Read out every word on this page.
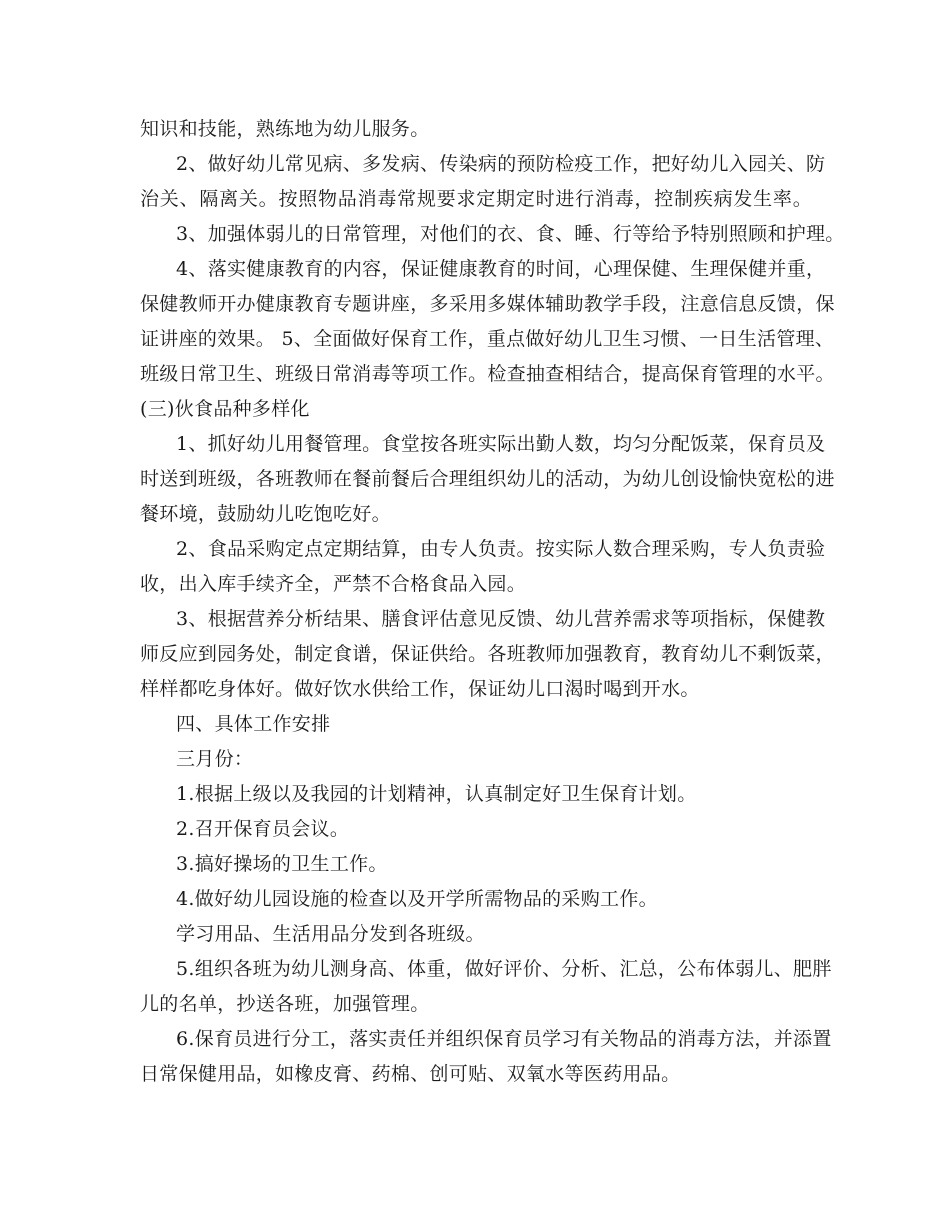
知识和技能，熟练地为幼儿服务。
2、做好幼儿常见病、多发病、传染病的预防检疫工作，把好幼儿入园关、防
治关、隔离关。按照物品消毒常规要求定期定时进行消毒，控制疾病发生率。
3、加强体弱儿的日常管理，对他们的衣、食、睡、行等给予特别照顾和护理。
4、落实健康教育的内容，保证健康教育的时间，心理保健、生理保健并重，
保健教师开办健康教育专题讲座，多采用多媒体辅助教学手段，注意信息反馈，保
证讲座的效果。 5、全面做好保育工作，重点做好幼儿卫生习惯、一日生活管理、
班级日常卫生、班级日常消毒等项工作。检查抽查相结合，提高保育管理的水平。
(三)伙食品种多样化
1、抓好幼儿用餐管理。食堂按各班实际出勤人数，均匀分配饭菜，保育员及
时送到班级，各班教师在餐前餐后合理组织幼儿的活动，为幼儿创设愉快宽松的进
餐环境，鼓励幼儿吃饱吃好。
2、食品采购定点定期结算，由专人负责。按实际人数合理采购，专人负责验
收，出入库手续齐全，严禁不合格食品入园。
3、根据营养分析结果、膳食评估意见反馈、幼儿营养需求等项指标，保健教
师反应到园务处，制定食谱，保证供给。各班教师加强教育，教育幼儿不剩饭菜，
样样都吃身体好。做好饮水供给工作，保证幼儿口渴时喝到开水。
四、具体工作安排
三月份：
1.根据上级以及我园的计划精神，认真制定好卫生保育计划。
2.召开保育员会议。
3.搞好操场的卫生工作。
4.做好幼儿园设施的检查以及开学所需物品的采购工作。
学习用品、生活用品分发到各班级。
5.组织各班为幼儿测身高、体重，做好评价、分析、汇总，公布体弱儿、肥胖
儿的名单，抄送各班，加强管理。
6.保育员进行分工，落实责任并组织保育员学习有关物品的消毒方法，并添置
日常保健用品，如橡皮膏、药棉、创可贴、双氧水等医药用品。
